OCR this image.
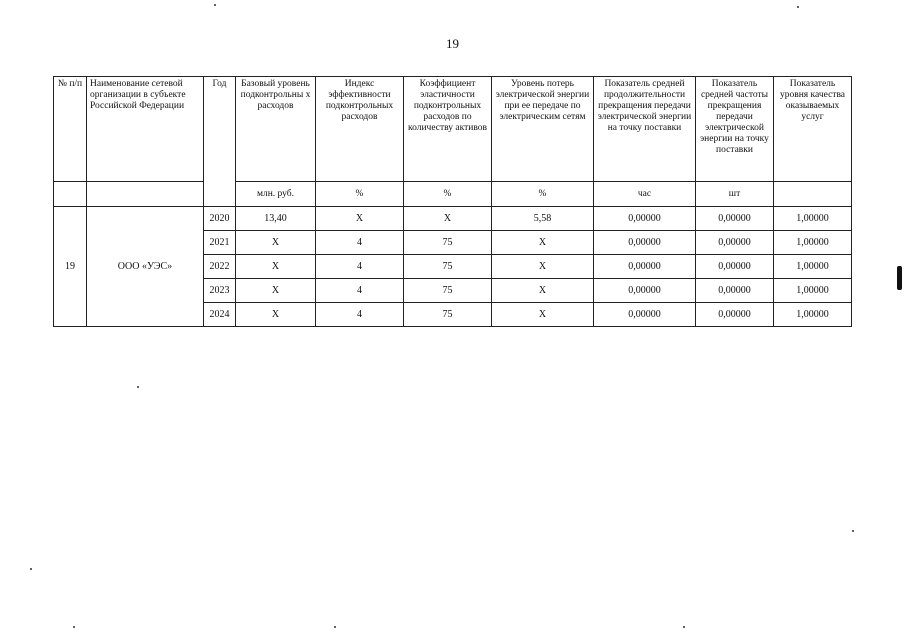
19
№ п/п	Наименование сетевой организации в субъекте Российской Федерации	Год	Базовый уровень подконтрольны х расходов	Индекс эффективности подконтрольных расходов	Коэффициент эластичности подконтрольных расходов по количеству активов	Уровень потерь электрической энергии при ее передаче по электрическим сетям	Показатель средней продолжительности прекращения передачи электрической энергии на точку поставки	Показатель средней частоты прекращения передачи электрической энергии на точку поставки	Показатель уровня качества оказываемых услуг
			млн. руб.	%	%	%	час	шт	
19	ООО «УЭС»	2020	13,40	X	X	5,58	0,00000	0,00000	1,00000
		2021	X	4	75	X	0,00000	0,00000	1,00000
		2022	X	4	75	X	0,00000	0,00000	1,00000
		2023	X	4	75	X	0,00000	0,00000	1,00000
		2024	X	4	75	X	0,00000	0,00000	1,00000
